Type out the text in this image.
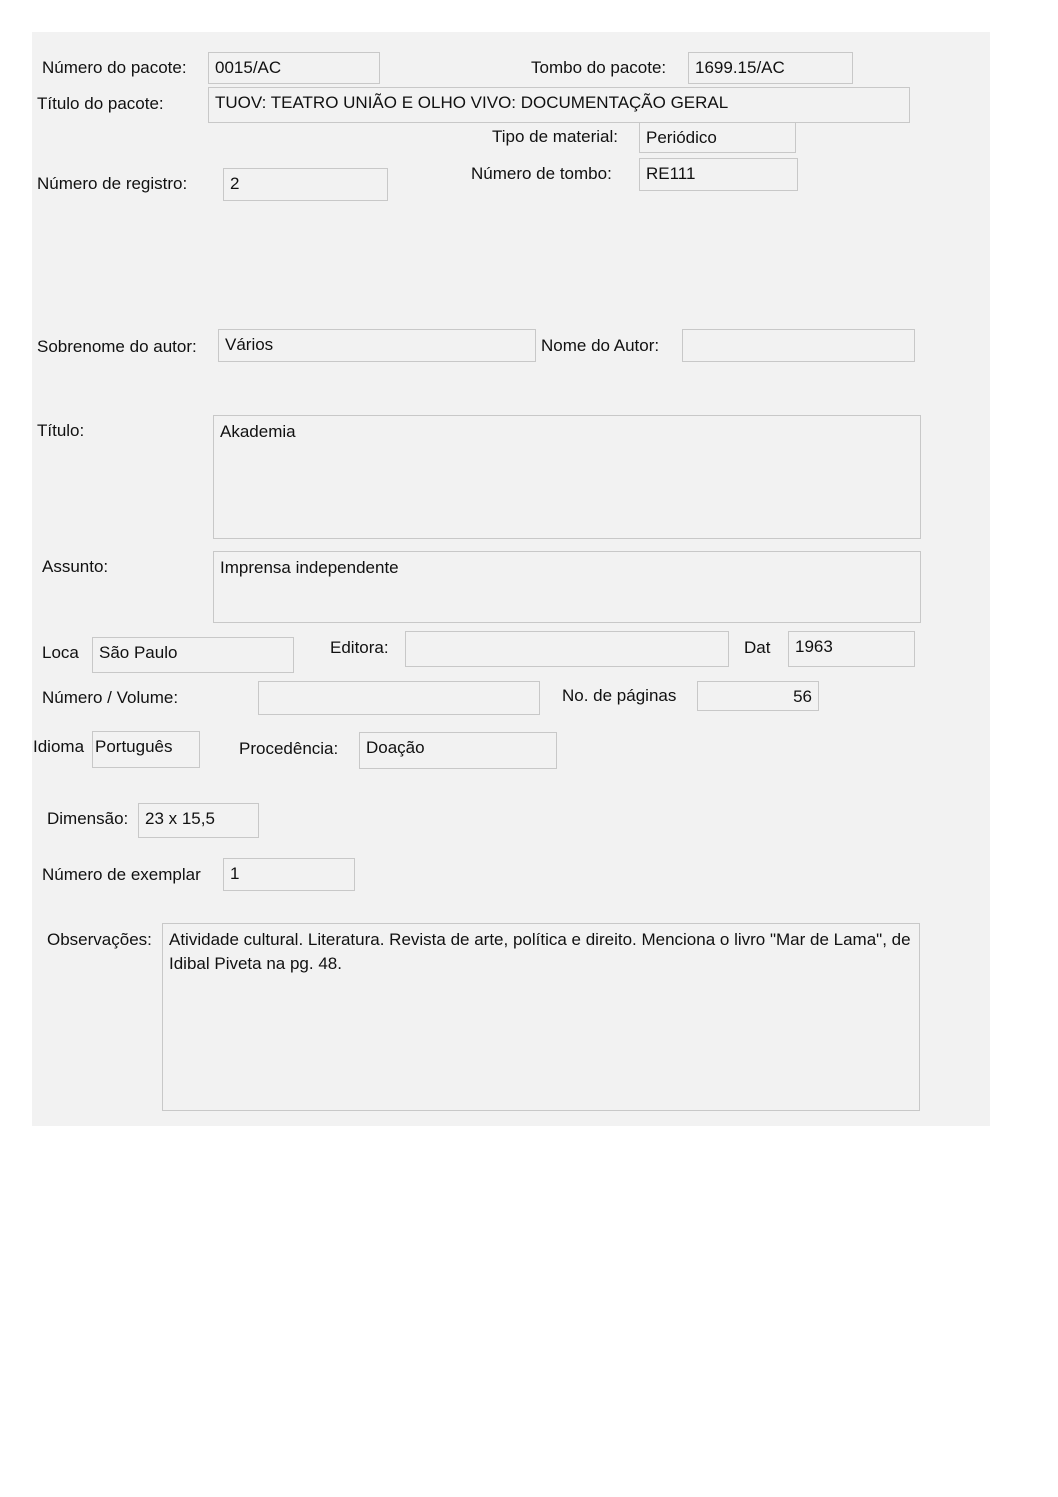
Número do pacote:	0015/AC	Tombo do pacote:	1699.15/AC
Título do pacote:	TUOV: TEATRO UNIÃO E OLHO VIVO: DOCUMENTAÇÃO GERAL
Tipo de material:	Periódico
Número de registro:	2
Número de tombo:	RE111
Sobrenome do autor:	Vários	Nome do Autor:
Título:	Akademia
Assunto:	Imprensa independente
Loca	São Paulo	Editora:	Dat	1963
Número / Volume:	No. de páginas	56
Idioma Português	Procedência:	Doação
Dimensão: 23 x 15,5
Número de exemplar	1
Observações:	Atividade cultural. Literatura. Revista de arte, política e direito. Menciona o livro "Mar de Lama", de Idibal Piveta na pg. 48.
